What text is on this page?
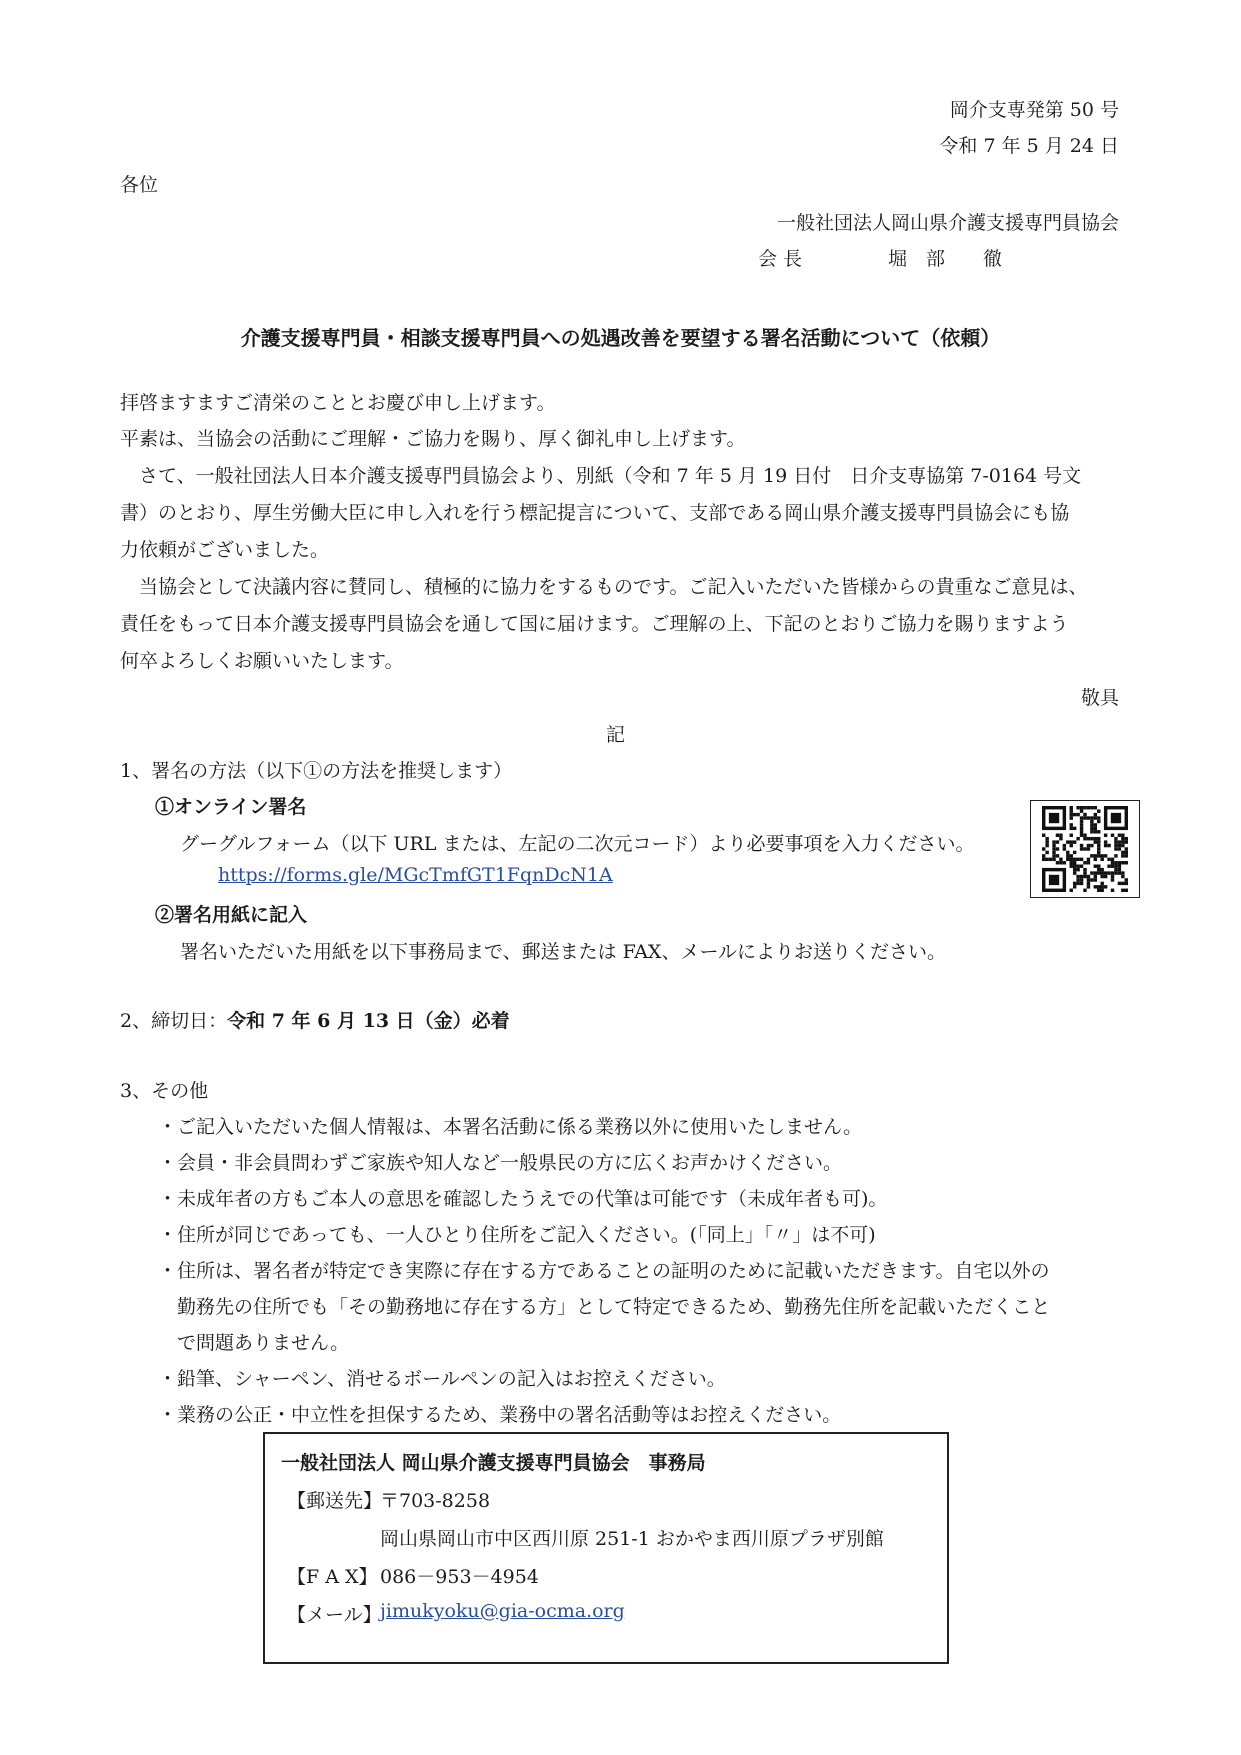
岡介支専発第 50 号
令和 7 年 5 月 24 日
各位
一般社団法人岡山県介護支援専門員協会
会 長	堀　部　　徹
介護支援専門員・相談支援専門員への処遇改善を要望する署名活動について（依頼）
拝啓ますますご清栄のこととお慶び申し上げます。
平素は、当協会の活動にご理解・ご協力を賜り、厚く御礼申し上げます。
　さて、一般社団法人日本介護支援専門員協会より、別紙（令和 7 年 5 月 19 日付　日介支専協第 7-0164 号文
書）のとおり、厚生労働大臣に申し入れを行う標記提言について、支部である岡山県介護支援専門員協会にも協
力依頼がございました。
　当協会として決議内容に賛同し、積極的に協力をするものです。ご記入いただいた皆様からの貴重なご意見は、
責任をもって日本介護支援専門員協会を通して国に届けます。ご理解の上、下記のとおりご協力を賜りますよう
何卒よろしくお願いいたします。
敬具
記
1、署名の方法（以下①の方法を推奨します）
①オンライン署名
グーグルフォーム（以下 URL または、左記の二次元コード）より必要事項を入力ください。
https://forms.gle/MGcTmfGT1FqnDcN1A
②署名用紙に記入
署名いただいた用紙を以下事務局まで、郵送または FAX、メールによりお送りください。
2、締切日：令和 7 年 6 月 13 日（金）必着
3、その他
・ご記入いただいた個人情報は、本署名活動に係る業務以外に使用いたしません。
・会員・非会員問わずご家族や知人など一般県民の方に広くお声かけください。
・未成年者の方もご本人の意思を確認したうえでの代筆は可能です（未成年者も可)。
・住所が同じであっても、一人ひとり住所をご記入ください。(「同上」「〃」は不可)
・住所は、署名者が特定でき実際に存在する方であることの証明のために記載いただきます。自宅以外の
　勤務先の住所でも「その勤務地に存在する方」として特定できるため、勤務先住所を記載いただくこと
　で問題ありません。
・鉛筆、シャーペン、消せるボールペンの記入はお控えください。
・業務の公正・中立性を担保するため、業務中の署名活動等はお控えください。
一般社団法人 岡山県介護支援専門員協会　事務局
【郵送先】
〒703-8258
岡山県岡山市中区西川原 251-1 おかやま西川原プラザ別館
【F A X】 086－953－4954
【メール】
jimukyoku@gia-ocma.org
